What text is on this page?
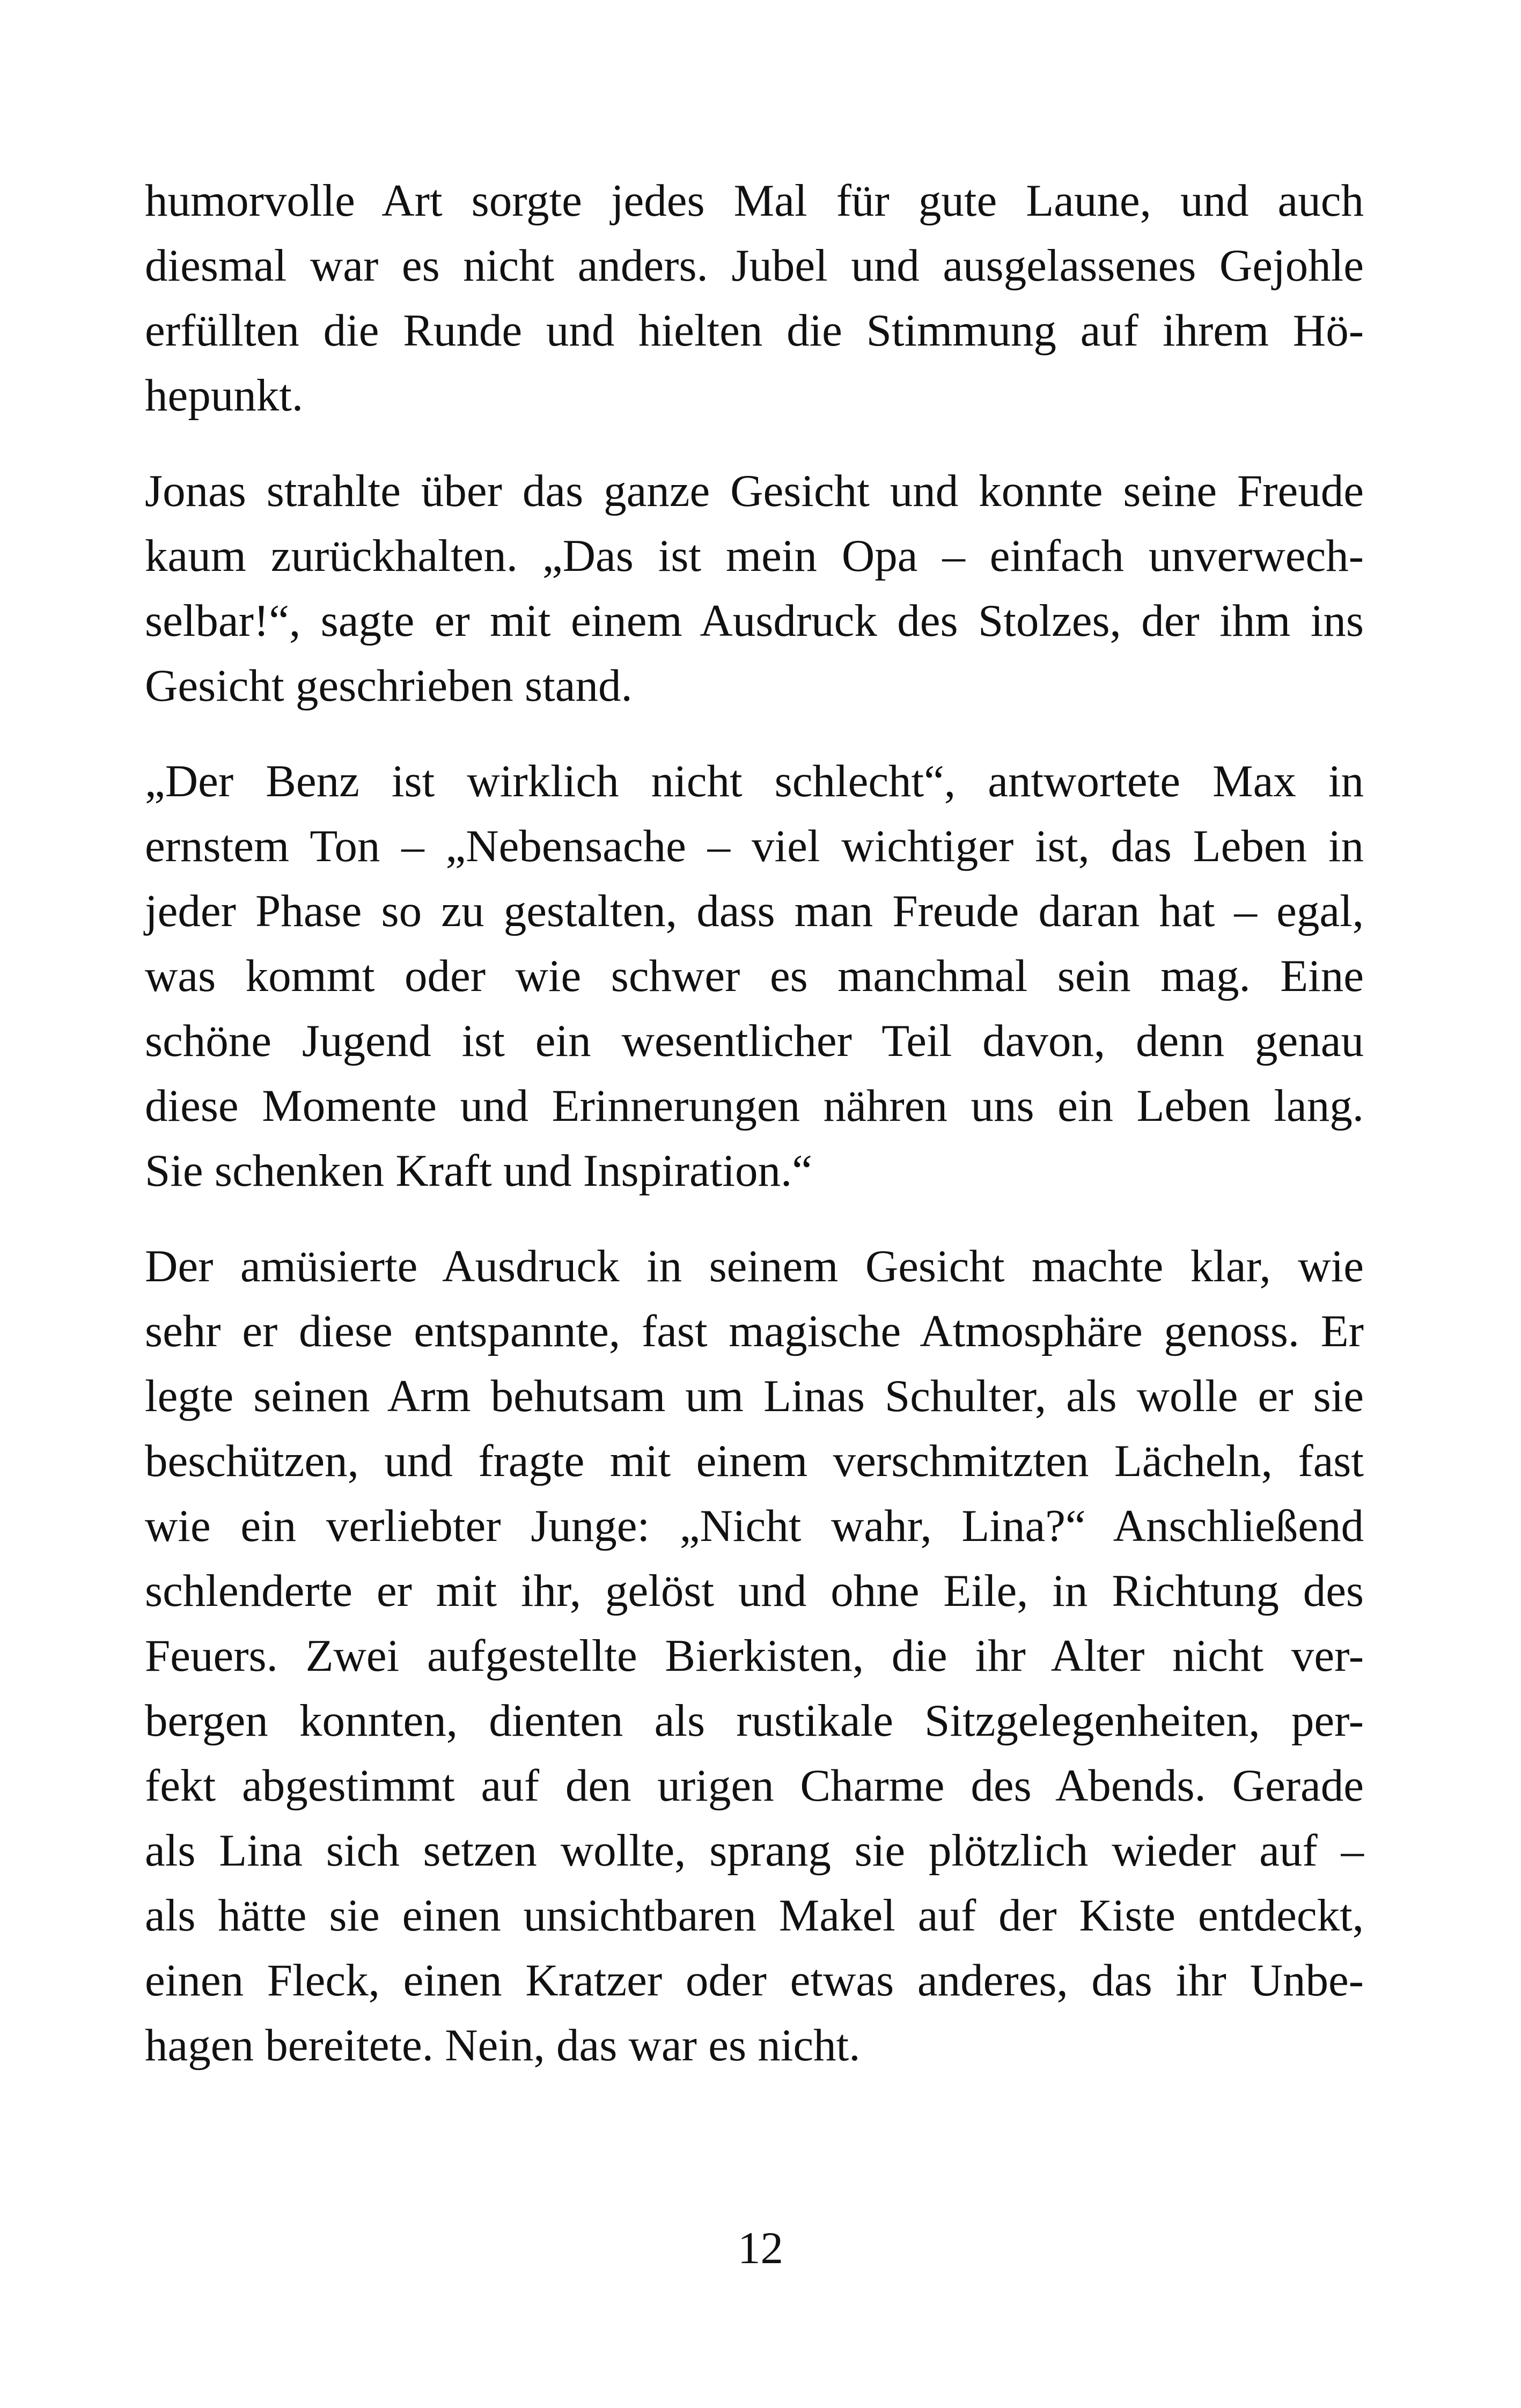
humorvolle Art sorgte jedes Mal für gute Laune, und auch
diesmal war es nicht anders. Jubel und ausgelassenes Gejohle
erfüllten die Runde und hielten die Stimmung auf ihrem Hö-
hepunkt.
Jonas strahlte über das ganze Gesicht und konnte seine Freude
kaum zurückhalten. „Das ist mein Opa – einfach unverwech-
selbar!“, sagte er mit einem Ausdruck des Stolzes, der ihm ins
Gesicht geschrieben stand.
„Der Benz ist wirklich nicht schlecht“, antwortete Max in
ernstem Ton – „Nebensache – viel wichtiger ist, das Leben in
jeder Phase so zu gestalten, dass man Freude daran hat – egal,
was kommt oder wie schwer es manchmal sein mag. Eine
schöne Jugend ist ein wesentlicher Teil davon, denn genau
diese Momente und Erinnerungen nähren uns ein Leben lang.
Sie schenken Kraft und Inspiration.“
Der amüsierte Ausdruck in seinem Gesicht machte klar, wie
sehr er diese entspannte, fast magische Atmosphäre genoss. Er
legte seinen Arm behutsam um Linas Schulter, als wolle er sie
beschützen, und fragte mit einem verschmitzten Lächeln, fast
wie ein verliebter Junge: „Nicht wahr, Lina?“ Anschließend
schlenderte er mit ihr, gelöst und ohne Eile, in Richtung des
Feuers. Zwei aufgestellte Bierkisten, die ihr Alter nicht ver-
bergen konnten, dienten als rustikale Sitzgelegenheiten, per-
fekt abgestimmt auf den urigen Charme des Abends. Gerade
als Lina sich setzen wollte, sprang sie plötzlich wieder auf –
als hätte sie einen unsichtbaren Makel auf der Kiste entdeckt,
einen Fleck, einen Kratzer oder etwas anderes, das ihr Unbe-
hagen bereitete. Nein, das war es nicht.
12
